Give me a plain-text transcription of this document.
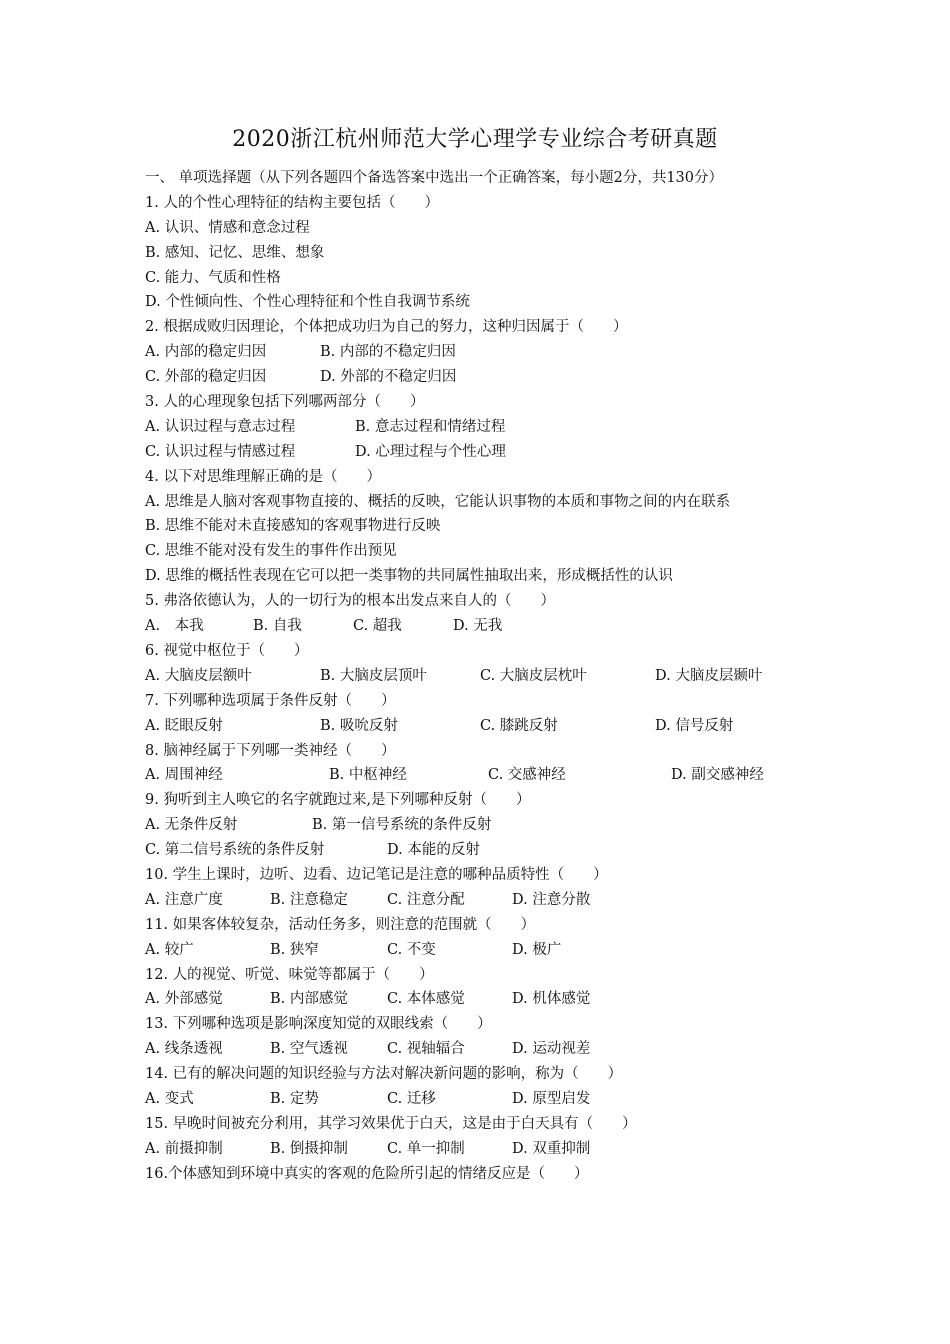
2020浙江杭州师范大学心理学专业综合考研真题
一、 单项选择题（从下列各题四个备选答案中选出一个正确答案，每小题2分，共130分）
1. 人的个性心理特征的结构主要包括（　　）
A. 认识、情感和意念过程
B. 感知、记忆、思维、想象
C. 能力、气质和性格
D. 个性倾向性、个性心理特征和个性自我调节系统
2. 根据成败归因理论，个体把成功归为自己的努力，这种归因属于（　　）
A. 内部的稳定归因	B. 内部的不稳定归因
C. 外部的稳定归因	D. 外部的不稳定归因
3. 人的心理现象包括下列哪两部分（　　）
A. 认识过程与意志过程	B. 意志过程和情绪过程
C. 认识过程与情感过程	D. 心理过程与个性心理
4. 以下对思维理解正确的是（　　）
A. 思维是人脑对客观事物直接的、概括的反映，它能认识事物的本质和事物之间的内在联系
B. 思维不能对未直接感知的客观事物进行反映
C. 思维不能对没有发生的事件作出预见
D. 思维的概括性表现在它可以把一类事物的共同属性抽取出来，形成概括性的认识
5. 弗洛依德认为，人的一切行为的根本出发点来自人的（　　）
A.　本我	B. 自我	C. 超我	D. 无我
6. 视觉中枢位于（　　）
A. 大脑皮层额叶	B. 大脑皮层顶叶	C. 大脑皮层枕叶	D. 大脑皮层颞叶
7. 下列哪种选项属于条件反射（　　）
A. 眨眼反射	B. 吸吮反射	C. 膝跳反射	D. 信号反射
8. 脑神经属于下列哪一类神经（　　）
A. 周围神经	B. 中枢神经	C. 交感神经	D. 副交感神经
9. 狗听到主人唤它的名字就跑过来,是下列哪种反射（　　）
A. 无条件反射	B. 第一信号系统的条件反射
C. 第二信号系统的条件反射	D. 本能的反射
10. 学生上课时，边听、边看、边记笔记是注意的哪种品质特性（　　）
A. 注意广度	B. 注意稳定	C. 注意分配	D. 注意分散
11. 如果客体较复杂，活动任务多，则注意的范围就（　　）
A. 较广	B. 狭窄	C. 不变	D. 极广
12. 人的视觉、听觉、味觉等都属于（　　）
A. 外部感觉	B. 内部感觉	C. 本体感觉	D. 机体感觉
13. 下列哪种选项是影响深度知觉的双眼线索（　　）
A. 线条透视	B. 空气透视	C. 视轴辐合	D. 运动视差
14. 已有的解决问题的知识经验与方法对解决新问题的影响，称为（　　）
A. 变式	B. 定势	C. 迁移	D. 原型启发
15. 早晚时间被充分利用，其学习效果优于白天，这是由于白天具有（　　）
A. 前摄抑制	B. 倒摄抑制	C. 单一抑制	D. 双重抑制
16.个体感知到环境中真实的客观的危险所引起的情绪反应是（　　）
